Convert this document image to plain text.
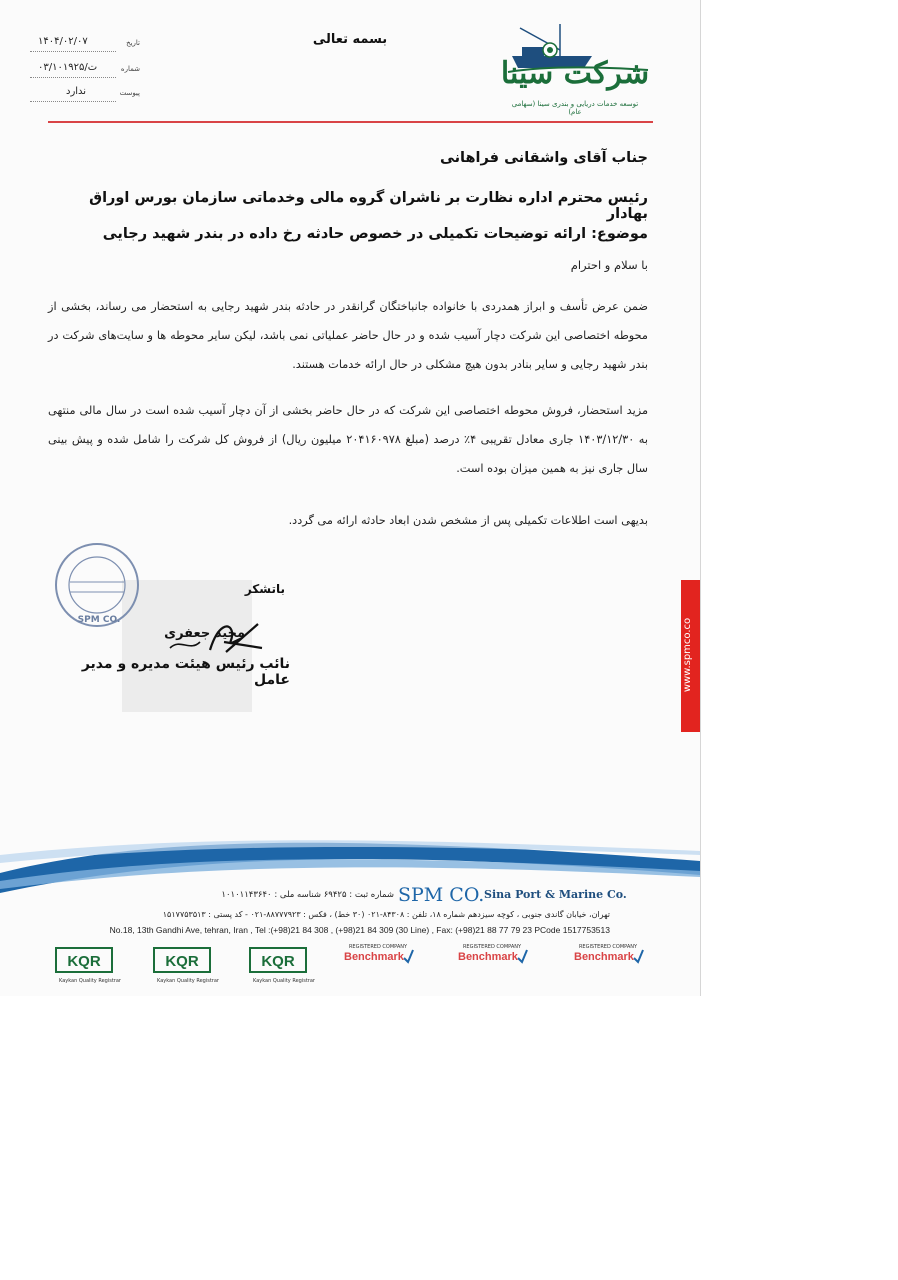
بسمه تعالی
تاریخ
۱۴۰۴/۰۲/۰۷
شماره
۰۳/۱۰ت/۱۹۲۵
پیوست
ندارد
شرکت سینا
توسعه خدمات دریایی و بندری سینا (سهامی عام)
جناب آقای واشقانی فراهانی
رئیس محترم اداره نظارت بر ناشران گروه مالی وخدماتی سازمان بورس اوراق بهادار
موضوع: ارائه توضیحات تکمیلی در خصوص حادثه رخ داده در بندر شهید رجایی
با سلام و احترام
ضمن عرض تأسف و ابراز همدردی با خانواده جانباختگان گرانقدر در حادثه بندر شهید رجایی به استحضار می رساند، بخشی از محوطه اختصاصی این شرکت دچار آسیب شده و در حال حاضر عملیاتی نمی باشد، لیکن سایر محوطه ها و سایت‌های شرکت در بندر شهید رجایی و سایر بنادر بدون هیچ مشکلی در حال ارائه خدمات هستند.
مزید استحضار، فروش محوطه اختصاصی این شرکت که در حال حاضر بخشی از آن دچار آسیب شده است در سال مالی منتهی به ۱۴۰۳/۱۲/۳۰ جاری معادل تقریبی ۴٪ درصد (مبلغ ۲۰۴۱۶۰۹۷۸ میلیون ریال) از فروش کل شرکت را شامل شده و پیش بینی سال جاری نیز به همین میزان بوده است.
بدیهی است اطلاعات تکمیلی پس از مشخص شدن ابعاد حادثه ارائه می گردد.
SPM CO.
باتشکر
مجید جعفری
نائب رئیس هیئت مدیره و مدیر عامل	www.spmco.co
SPM CO. Sina Port & Marine Co.
شماره ثبت : ۶۹۴۲۵ شناسه ملی : ۱۰۱۰۱۱۴۳۶۴۰
تهران، خیابان گاندی جنوبی ، کوچه سیزدهم شماره ۱۸، تلفن : ۸۴۳۰۸-۰۲۱ (۳۰ خط) ، فکس : ۸۸۷۷۷۹۲۳-۰۲۱ - کد پستی : ۱۵۱۷۷۵۳۵۱۳
No.18, 13th Gandhi Ave, tehran, Iran , Tel :(+98)21 84 308 , (+98)21 84 309 (30 Line) , Fax: (+98)21 88 77 79 23 PCode 1517753513
KQR
Kaykan Quality Registrar
KQR
Kaykan Quality Registrar
KQR
Kaykan Quality Registrar
Benchmark
REGISTERED COMPANY
Benchmark
REGISTERED COMPANY
Benchmark
REGISTERED COMPANY
